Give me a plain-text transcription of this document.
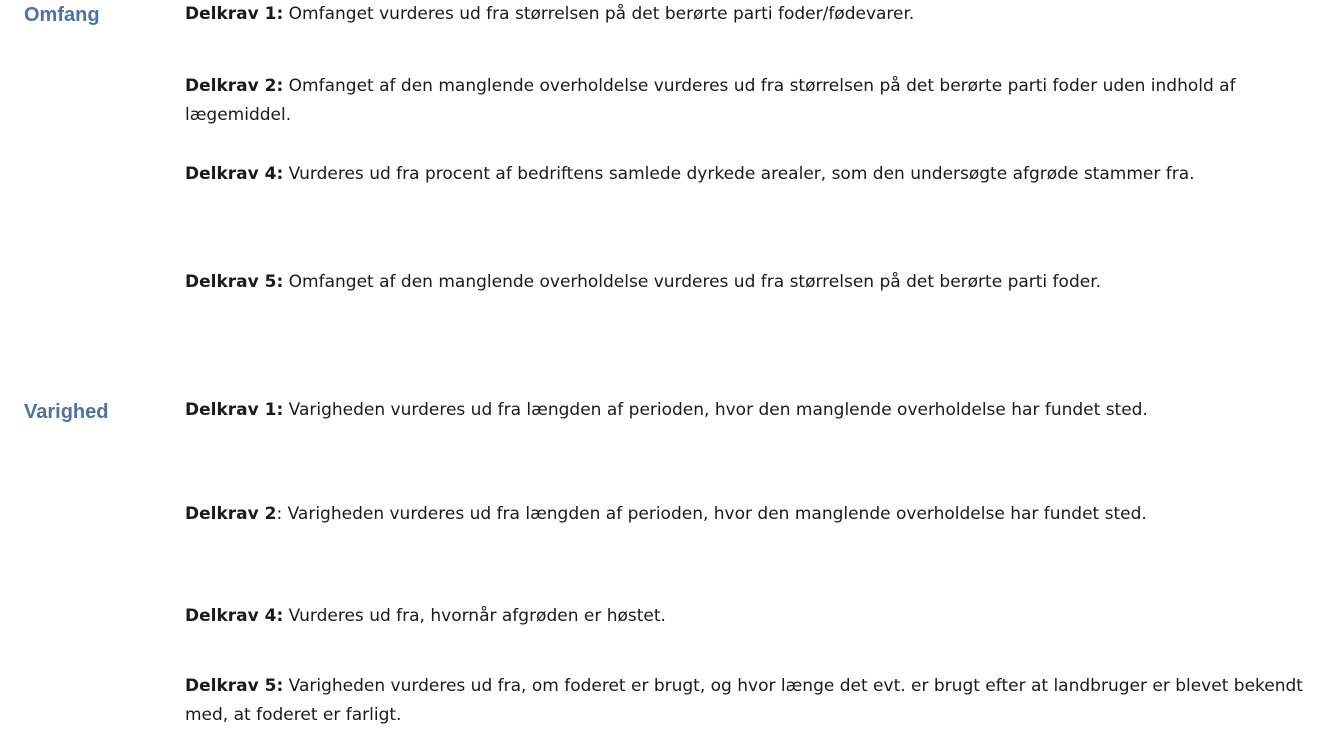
Omfang	Delkrav 1: Omfanget vurderes ud fra størrelsen på det berørte parti foder/fødevarer.

Delkrav 2: Omfanget af den manglende overholdelse vurderes ud fra størrelsen på det berørte parti foder uden indhold af lægemiddel.

Delkrav 4: Vurderes ud fra procent af bedriftens samlede dyrkede arealer, som den undersøgte afgrøde stammer fra.

Delkrav 5: Omfanget af den manglende overholdelse vurderes ud fra størrelsen på det berørte parti foder.

Varighed	Delkrav 1: Varigheden vurderes ud fra længden af perioden, hvor den manglende overholdelse har fundet sted.

Delkrav 2: Varigheden vurderes ud fra længden af perioden, hvor den manglende overholdelse har fundet sted.

Delkrav 4: Vurderes ud fra, hvornår afgrøden er høstet.

Delkrav 5: Varigheden vurderes ud fra, om foderet er brugt, og hvor længe det evt. er brugt efter at landbruger er blevet bekendt med, at foderet er farligt.
